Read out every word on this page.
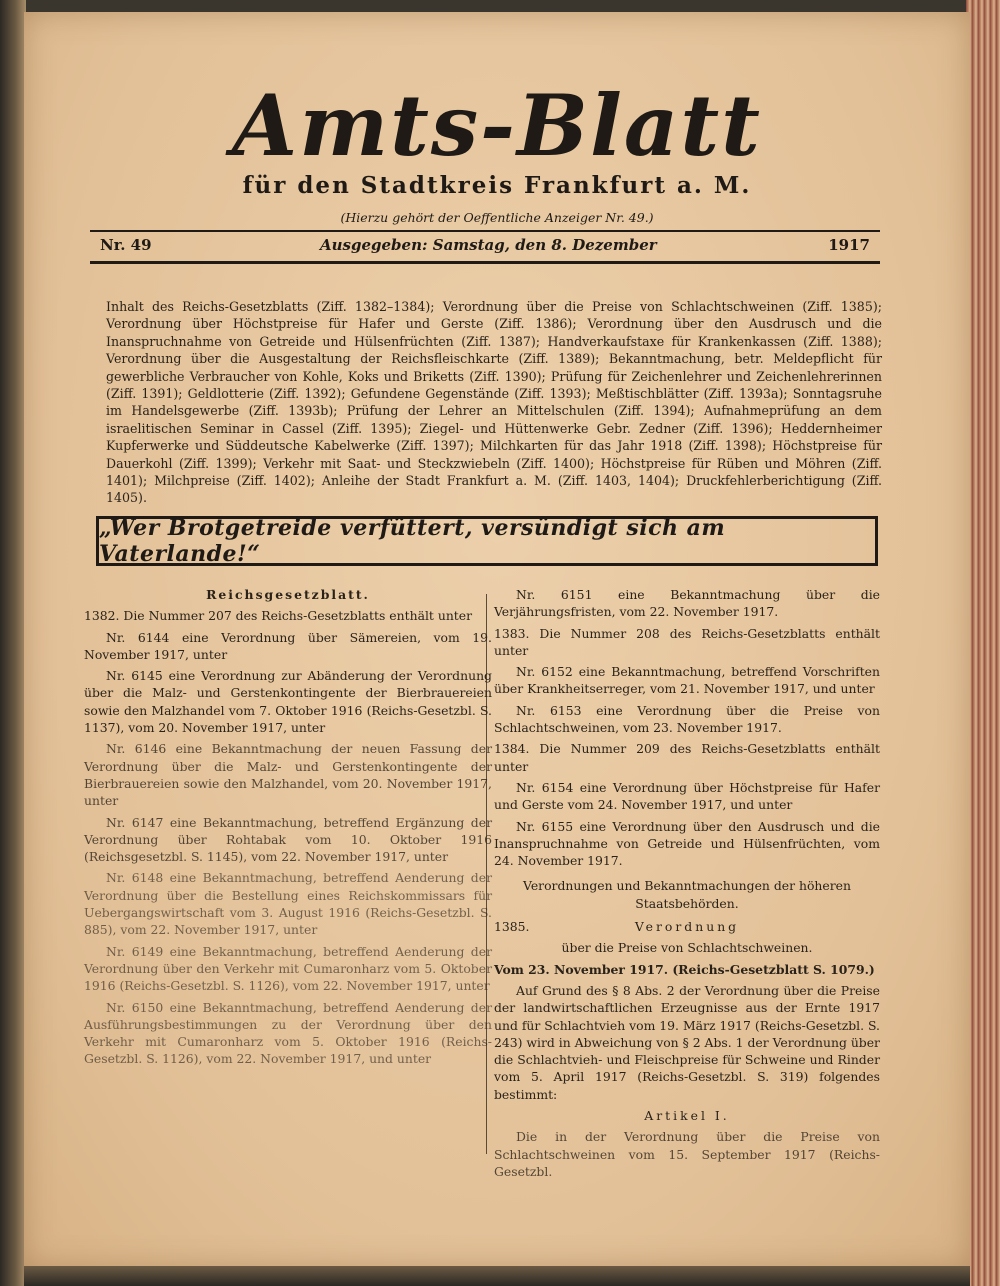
Amts-Blatt
für den Stadtkreis Frankfurt a. M.
(Hierzu gehört der Oeffentliche Anzeiger Nr. 49.)
Nr. 49	Ausgegeben: Samstag, den 8. Dezember	1917
Inhalt des Reichs-Gesetzblatts (Ziff. 1382–1384); Verordnung über die Preise von Schlachtschweinen (Ziff. 1385); Verordnung über Höchstpreise für Hafer und Gerste (Ziff. 1386); Verordnung über den Ausdrusch und die Inanspruchnahme von Getreide und Hülsenfrüchten (Ziff. 1387); Handverkaufstaxe für Krankenkassen (Ziff. 1388); Verordnung über die Ausgestaltung der Reichsfleischkarte (Ziff. 1389); Bekanntmachung, betr. Meldepflicht für gewerbliche Verbraucher von Kohle, Koks und Briketts (Ziff. 1390); Prüfung für Zeichenlehrer und Zeichenlehrerinnen (Ziff. 1391); Geldlotterie (Ziff. 1392); Gefundene Gegenstände (Ziff. 1393); Meßtischblätter (Ziff. 1393a); Sonntagsruhe im Handelsgewerbe (Ziff. 1393b); Prüfung der Lehrer an Mittelschulen (Ziff. 1394); Aufnahmeprüfung an dem israelitischen Seminar in Cassel (Ziff. 1395); Ziegel- und Hüttenwerke Gebr. Zedner (Ziff. 1396); Heddernheimer Kupferwerke und Süddeutsche Kabelwerke (Ziff. 1397); Milchkarten für das Jahr 1918 (Ziff. 1398); Höchstpreise für Dauerkohl (Ziff. 1399); Verkehr mit Saat- und Steckzwiebeln (Ziff. 1400); Höchstpreise für Rüben und Möhren (Ziff. 1401); Milchpreise (Ziff. 1402); Anleihe der Stadt Frankfurt a. M. (Ziff. 1403, 1404); Druckfehlerberichtigung (Ziff. 1405).
„Wer Brotgetreide verfüttert, versündigt sich am Vaterlande!“

Reichsgesetzblatt.

1382. Die Nummer 207 des Reichs-Gesetzblatts enthält unter

Nr. 6144 eine Verordnung über Sämereien, vom 19. November 1917, unter

Nr. 6145 eine Verordnung zur Abänderung der Verordnung über die Malz- und Gerstenkontingente der Bierbrauereien sowie den Malzhandel vom 7. Oktober 1916 (Reichs-Gesetzbl. S. 1137), vom 20. November 1917, unter

Nr. 6146 eine Bekanntmachung der neuen Fassung der Verordnung über die Malz- und Gerstenkontingente der Bierbrauereien sowie den Malzhandel, vom 20. November 1917, unter

Nr. 6147 eine Bekanntmachung, betreffend Ergänzung der Verordnung über Rohtabak vom 10. Oktober 1916 (Reichsgesetzbl. S. 1145), vom 22. November 1917, unter

Nr. 6148 eine Bekanntmachung, betreffend Aenderung der Verordnung über die Bestellung eines Reichskommissars für Uebergangswirtschaft vom 3. August 1916 (Reichs-Gesetzbl. S. 885), vom 22. November 1917, unter

Nr. 6149 eine Bekanntmachung, betreffend Aenderung der Verordnung über den Verkehr mit Cumaronharz vom 5. Oktober 1916 (Reichs-Gesetzbl. S. 1126), vom 22. November 1917, unter

Nr. 6150 eine Bekanntmachung, betreffend Aenderung der Ausführungsbestimmungen zu der Verordnung über den Verkehr mit Cumaronharz vom 5. Oktober 1916 (Reichs-Gesetzbl. S. 1126), vom 22. November 1917, und unter

Nr. 6151 eine Bekanntmachung über die Verjährungsfristen, vom 22. November 1917.

1383. Die Nummer 208 des Reichs-Gesetzblatts enthält unter

Nr. 6152 eine Bekanntmachung, betreffend Vorschriften über Krankheitserreger, vom 21. November 1917, und unter

Nr. 6153 eine Verordnung über die Preise von Schlachtschweinen, vom 23. November 1917.

1384. Die Nummer 209 des Reichs-Gesetzblatts enthält unter

Nr. 6154 eine Verordnung über Höchstpreise für Hafer und Gerste vom 24. November 1917, und unter

Nr. 6155 eine Verordnung über den Ausdrusch und die Inanspruchnahme von Getreide und Hülsenfrüchten, vom 24. November 1917.

Verordnungen und Bekanntmachungen der höheren Staatsbehörden.

1385.	Verordnung

über die Preise von Schlachtschweinen.

Vom 23. November 1917. (Reichs-Gesetzblatt S. 1079.)

Auf Grund des § 8 Abs. 2 der Verordnung über die Preise der landwirtschaftlichen Erzeugnisse aus der Ernte 1917 und für Schlachtvieh vom 19. März 1917 (Reichs-Gesetzbl. S. 243) wird in Abweichung von § 2 Abs. 1 der Verordnung über die Schlachtvieh- und Fleischpreise für Schweine und Rinder vom 5. April 1917 (Reichs-Gesetzbl. S. 319) folgendes bestimmt:

Artikel I.

Die in der Verordnung über die Preise von Schlachtschweinen vom 15. September 1917 (Reichs-Gesetzbl.
